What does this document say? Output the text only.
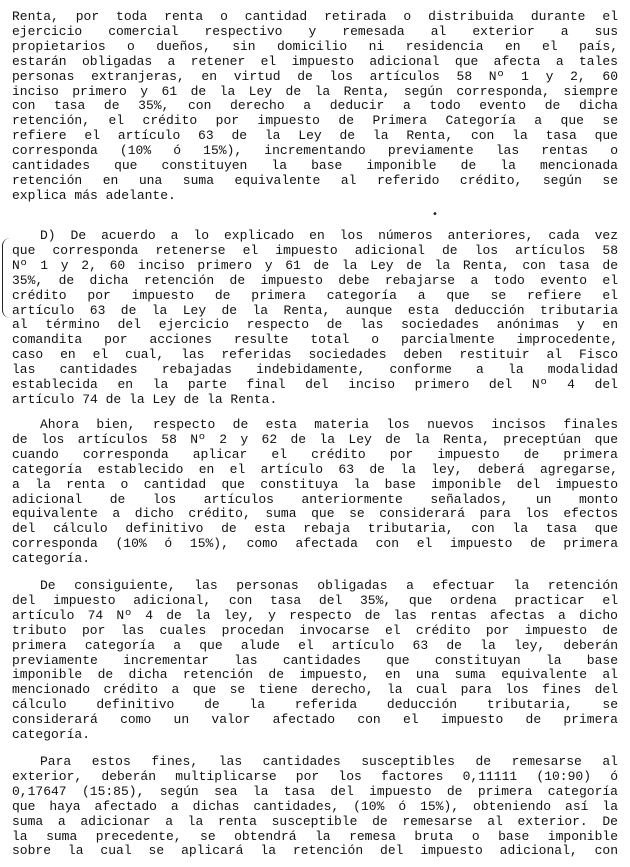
•
Renta, por toda renta o cantidad retirada o distribuida durante el
ejercicio comercial respectivo y remesada al exterior a sus
propietarios o dueños, sin domicilio ni residencia en el país,
estarán obligadas a retener el impuesto adicional que afecta a tales
personas extranjeras, en virtud de los artículos 58 Nº 1 y 2, 60
inciso primero y 61 de la Ley de la Renta, según corresponda, siempre
con tasa de 35%, con derecho a deducir a todo evento de dicha
retención, el crédito por impuesto de Primera Categoría a que se
refiere el artículo 63 de la Ley de la Renta, con la tasa que
corresponda (10% ó 15%), incrementando previamente las rentas o
cantidades que constituyen la base imponible de la mencionada
retención en una suma equivalente al referido crédito, según se
explica más adelante.
D) De acuerdo a lo explicado en los números anteriores, cada vez
que corresponda retenerse el impuesto adicional de los artículos 58
Nº 1 y 2, 60 inciso primero y 61 de la Ley de la Renta, con tasa de
35%, de dicha retención de impuesto debe rebajarse a todo evento el
crédito por impuesto de primera categoría a que se refiere el
artículo 63 de la Ley de la Renta, aunque esta deducción tributaria
al término del ejercicio respecto de las sociedades anónimas y en
comandita por acciones resulte total o parcialmente improcedente,
caso en el cual, las referidas sociedades deben restituir al Fisco
las cantidades rebajadas indebidamente, conforme a la modalidad
establecida en la parte final del inciso primero del Nº 4 del
artículo 74 de la Ley de la Renta.
Ahora bien, respecto de esta materia los nuevos incisos finales
de los artículos 58 Nº 2 y 62 de la Ley de la Renta, preceptúan que
cuando corresponda aplicar el crédito por impuesto de primera
categoría establecido en el artículo 63 de la ley, deberá agregarse,
a la renta o cantidad que constituya la base imponible del impuesto
adicional de los artículos anteriormente señalados, un monto
equivalente a dicho crédito, suma que se considerará para los efectos
del cálculo definitivo de esta rebaja tributaria, con la tasa que
corresponda (10% ó 15%), como afectada con el impuesto de primera
categoría.
De consiguiente, las personas obligadas a efectuar la retención
del impuesto adicional, con tasa del 35%, que ordena practicar el
artículo 74 Nº 4 de la ley, y respecto de las rentas afectas a dicho
tributo por las cuales procedan invocarse el crédito por impuesto de
primera categoría a que alude el artículo 63 de la ley, deberán
previamente incrementar las cantidades que constituyan la base
imponible de dicha retención de impuesto, en una suma equivalente al
mencionado crédito a que se tiene derecho, la cual para los fines del
cálculo definitivo de la referida deducción tributaria, se
considerará como un valor afectado con el impuesto de primera
categoría.
Para estos fines, las cantidades susceptibles de remesarse al
exterior, deberán multiplicarse por los factores 0,11111 (10:90) ó
0,17647 (15:85), según sea la tasa del impuesto de primera categoría
que haya afectado a dichas cantidades, (10% ó 15%), obteniendo así la
suma a adicionar a la renta susceptible de remesarse al exterior. De
la suma precedente, se obtendrá la remesa bruta o base imponible
sobre la cual se aplicará la retención del impuesto adicional, con
